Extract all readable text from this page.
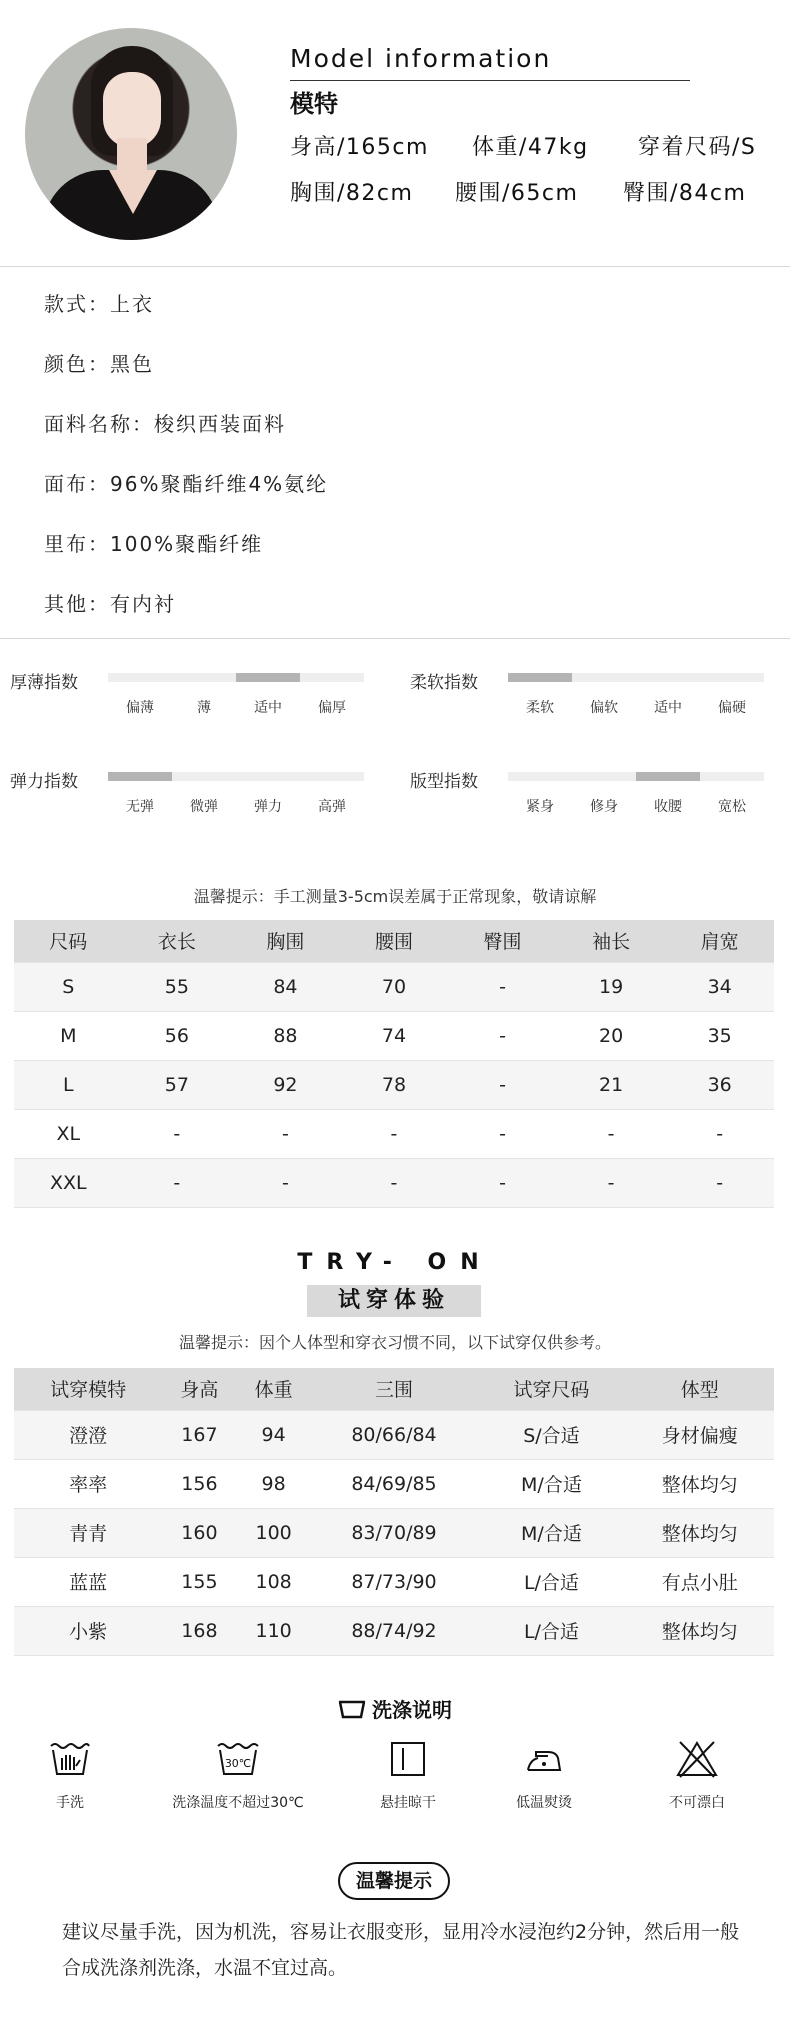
Model information
模特
身高/165cm 体重/47kg 穿着尺码/S
胸围/82cm 腰围/65cm 臀围/84cm
款式：上衣
颜色：黑色
面料名称：梭织西装面料
面布：96%聚酯纤维4%氨纶
里布：100%聚酯纤维
其他：有内衬
厚薄指数
偏薄	薄	适中	偏厚
柔软指数
柔软	偏软	适中	偏硬
弹力指数
无弹	微弹	弹力	高弹
版型指数
紧身	修身	收腰	宽松
温馨提示：手工测量3-5cm误差属于正常现象，敬请谅解
尺码	衣长	胸围	腰围	臀围	袖长	肩宽
S	55	84	70	-	19	34
M	56	88	74	-	20	35
L	57	92	78	-	21	36
XL	-	-	-	-	-	-
XXL	-	-	-	-	-	-
TRY- ON
试穿体验
温馨提示：因个人体型和穿衣习惯不同，以下试穿仅供参考。
试穿模特	身高	体重	三围	试穿尺码	体型
澄澄	167	94	80/66/84	S/合适	身材偏瘦
率率	156	98	84/69/85	M/合适	整体均匀
青青	160	100	83/70/89	M/合适	整体均匀
蓝蓝	155	108	87/73/90	L/合适	有点小肚
小紫	168	110	88/74/92	L/合适	整体均匀
洗涤说明
手洗
30℃
洗涤温度不超过30℃	悬挂晾干	低温熨烫	不可漂白
温馨提示
建议尽量手洗，因为机洗，容易让衣服变形，显用冷水浸泡约2分钟，然后用一般合成洗涤剂洗涤，水温不宜过高。
